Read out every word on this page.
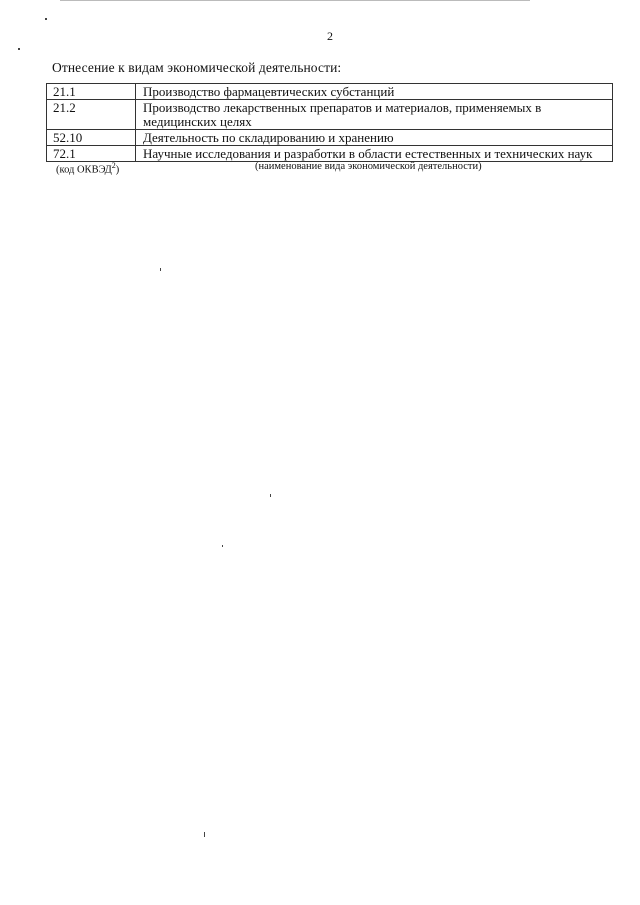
2
Отнесение к видам экономической деятельности:
21.1	Производство фармацевтических субстанций
21.2	Производство лекарственных препаратов и материалов, применяемых в медицинских целях
52.10	Деятельность по складированию и хранению
72.1	Научные исследования и разработки в области естественных и технических наук
(код ОКВЭД$^2$)	(наименование вида экономической деятельности)
